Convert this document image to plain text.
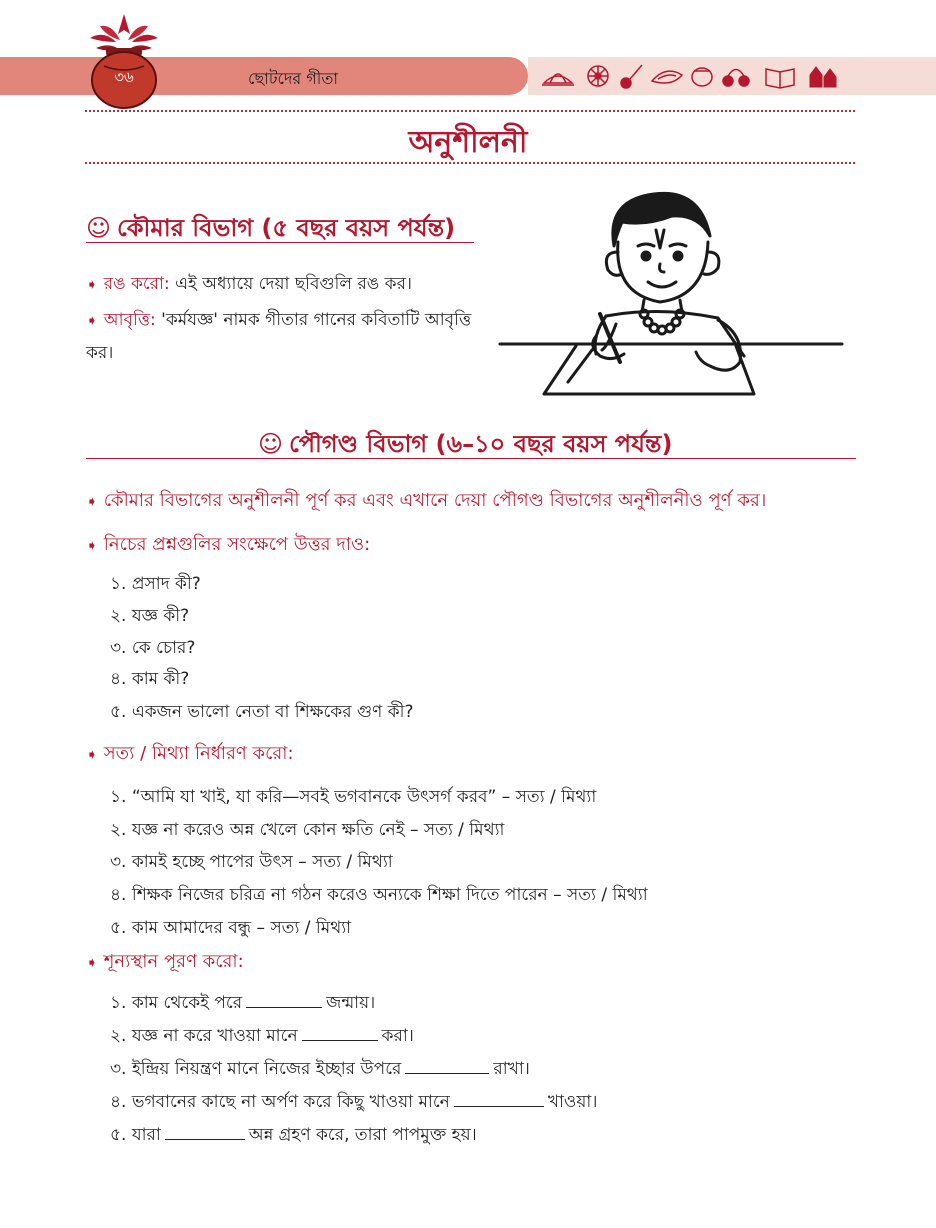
৩৬	ছোটদের গীতা
অনুশীলনী
☺ কৌমার বিভাগ (৫ বছর বয়স পর্যন্ত)
➧ রঙ করো: এই অধ্যায়ে দেয়া ছবিগুলি রঙ কর।
➧ আবৃত্তি: 'কর্মযজ্ঞ' নামক গীতার গানের কবিতাটি আবৃত্তি কর।
☺ পৌগণ্ড বিভাগ (৬–১০ বছর বয়স পর্যন্ত)
➧ কৌমার বিভাগের অনুশীলনী পূর্ণ কর এবং এখানে দেয়া পৌগণ্ড বিভাগের অনুশীলনীও পূর্ণ কর।
➧ নিচের প্রশ্নগুলির সংক্ষেপে উত্তর দাও:
১. প্রসাদ কী?
২. যজ্ঞ কী?
৩. কে চোর?
৪. কাম কী?
৫. একজন ভালো নেতা বা শিক্ষকের গুণ কী?
➧ সত্য / মিথ্যা নির্ধারণ করো:
১. “আমি যা খাই, যা করি—সবই ভগবানকে উৎসর্গ করব” – সত্য / মিথ্যা
২. যজ্ঞ না করেও অন্ন খেলে কোন ক্ষতি নেই – সত্য / মিথ্যা
৩. কামই হচ্ছে পাপের উৎস – সত্য / মিথ্যা
৪. শিক্ষক নিজের চরিত্র না গঠন করেও অন্যকে শিক্ষা দিতে পারেন – সত্য / মিথ্যা
৫. কাম আমাদের বন্ধু – সত্য / মিথ্যা
➧ শূন্যস্থান পূরণ করো:
১. কাম থেকেই পরে	জন্মায়।
২. যজ্ঞ না করে খাওয়া মানে	করা।
৩. ইন্দ্রিয় নিয়ন্ত্রণ মানে নিজের ইচ্ছার উপরে	রাখা।
৪. ভগবানের কাছে না অর্পণ করে কিছু খাওয়া মানে	খাওয়া।
৫. যারা	অন্ন গ্রহণ করে, তারা পাপমুক্ত হয়।
